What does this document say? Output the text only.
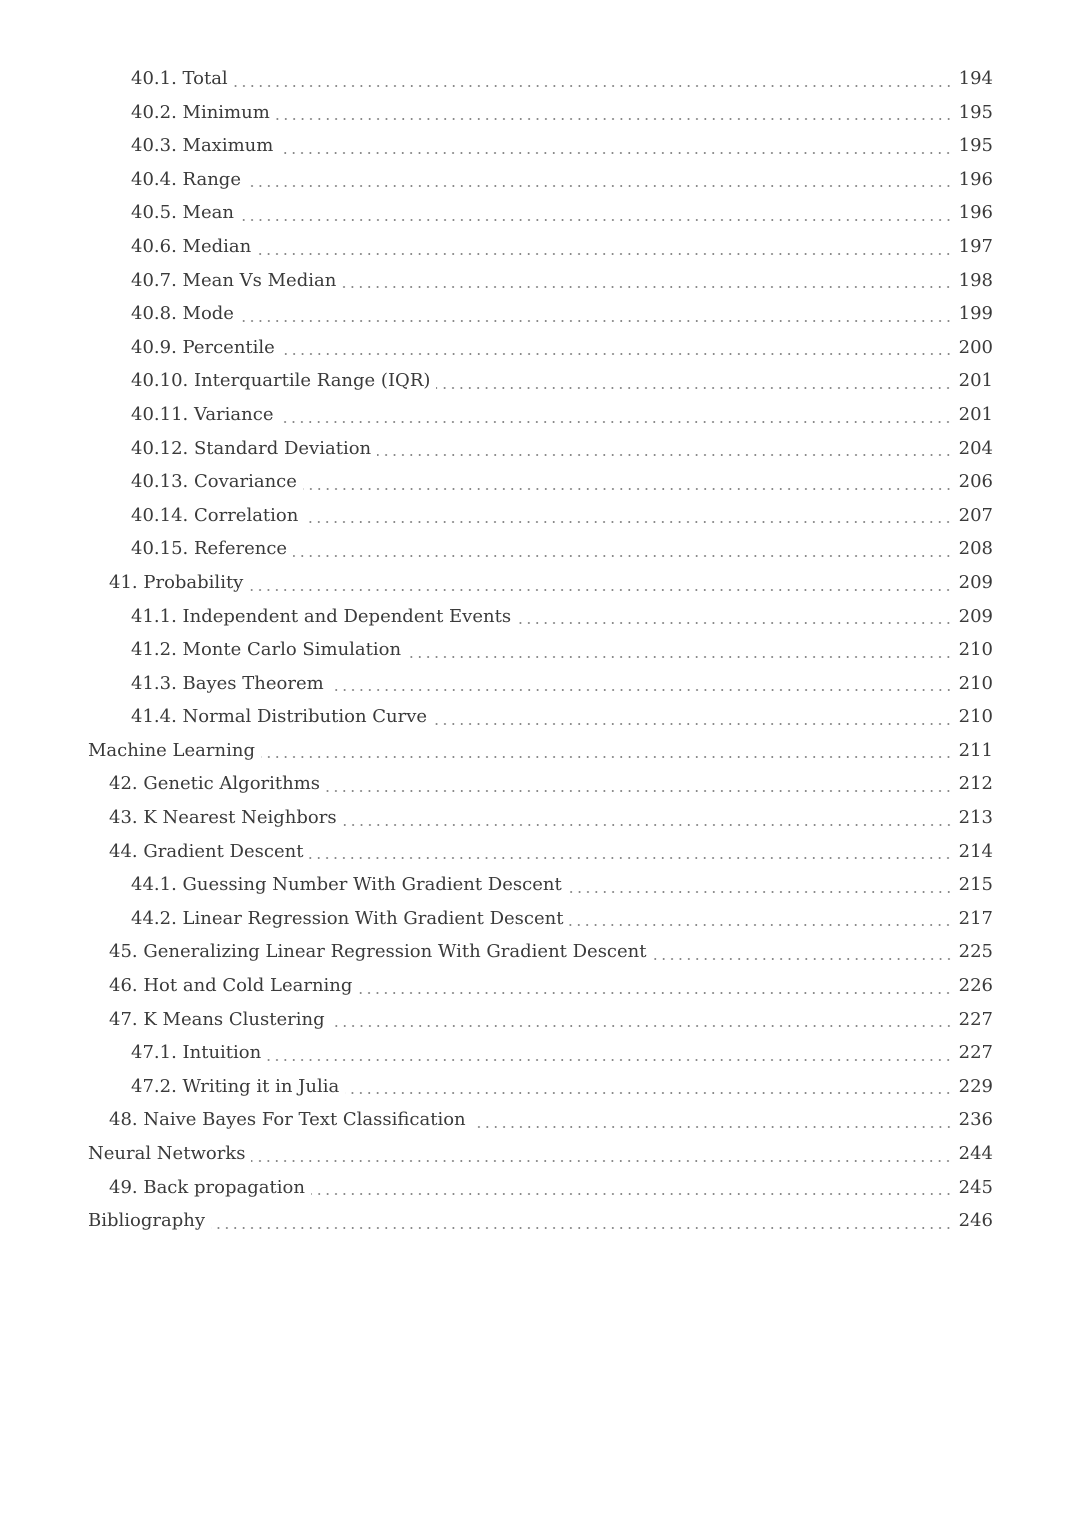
40.1. Total	194
40.2. Minimum	195
40.3. Maximum	195
40.4. Range	196
40.5. Mean	196
40.6. Median	197
40.7. Mean Vs Median	198
40.8. Mode	199
40.9. Percentile	200
40.10. Interquartile Range (IQR)	201
40.11. Variance	201
40.12. Standard Deviation	204
40.13. Covariance	206
40.14. Correlation	207
40.15. Reference	208
41. Probability	209
41.1. Independent and Dependent Events	209
41.2. Monte Carlo Simulation	210
41.3. Bayes Theorem	210
41.4. Normal Distribution Curve	210
Machine Learning	211
42. Genetic Algorithms	212
43. K Nearest Neighbors	213
44. Gradient Descent	214
44.1. Guessing Number With Gradient Descent	215
44.2. Linear Regression With Gradient Descent	217
45. Generalizing Linear Regression With Gradient Descent	225
46. Hot and Cold Learning	226
47. K Means Clustering	227
47.1. Intuition	227
47.2. Writing it in Julia	229
48. Naive Bayes For Text Classification	236
Neural Networks	244
49. Back propagation	245
Bibliography	246
